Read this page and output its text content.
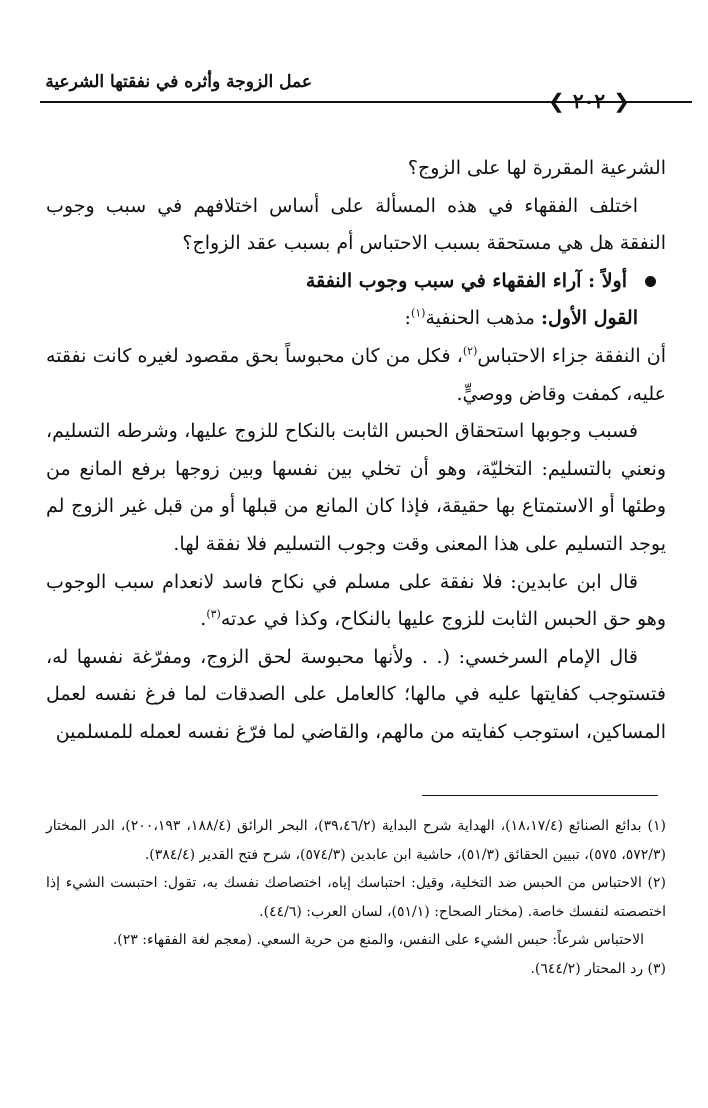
عمل الزوجة وأثره في نفقتها الشرعية
❮
٢٠٢
❯

الشرعية المقررة لها على الزوج؟

اختلف الفقهاء في هذه المسألة على أساس اختلافهم في سبب وجوب النفقة هل هي مستحقة بسبب الاحتباس أم بسبب عقد الزواج؟

أولاً : آراء الفقهاء في سبب وجوب النفقة

القول الأول: مذهب الحنفية$^{(١)}$:

أن النفقة جزاء الاحتباس$^{(٢)}$، فكل من كان محبوساً بحق مقصود لغيره كانت نفقته عليه، كمفت وقاض ووصيٍّ.

فسبب وجوبها استحقاق الحبس الثابت بالنكاح للزوج عليها، وشرطه التسليم، ونعني بالتسليم: التخليّة، وهو أن تخلي بين نفسها وبين زوجها برفع المانع من وطئها أو الاستمتاع بها حقيقة، فإذا كان المانع من قبلها أو من قبل غير الزوج لم يوجد التسليم على هذا المعنى وقت وجوب التسليم فلا نفقة لها.

قال ابن عابدين: فلا نفقة على مسلم في نكاح فاسد لانعدام سبب الوجوب وهو حق الحبس الثابت للزوج عليها بالنكاح، وكذا في عدته$^{(٣)}$.

قال الإمام السرخسي: (. . ولأنها محبوسة لحق الزوج، ومفرّغة نفسها له، فتستوجب كفايتها عليه في مالها؛ كالعامل على الصدقات لما فرغ نفسه لعمل المساكين، استوجب كفايته من مالهم، والقاضي لما فرّغ نفسه لعمله للمسلمين

(١) بدائع الصنائع (١٨،١٧/٤)، الهداية شرح البداية (٣٩،٤٦/٢)، البحر الرائق (١٨٨/٤، ٢٠٠،١٩٣)، الدر المختار (٥٧٢/٣، ٥٧٥)، تبيين الحقائق (٥١/٣)، حاشية ابن عابدين (٥٧٤/٣)، شرح فتح القدير (٣٨٤/٤).

(٢) الاحتباس من الحبس ضد التخلية، وقيل: احتباسك إياه، اختصاصك نفسك به، تقول: احتبست الشيء إذا اختصصته لنفسك خاصة. (مختار الصحاح: (٥١/١)، لسان العرب: (٤٤/٦).

الاحتباس شرعاً: حبس الشيء على النفس، والمنع من حرية السعي. (معجم لغة الفقهاء: ٢٣).

(٣) رد المحتار (٦٤٤/٢).
